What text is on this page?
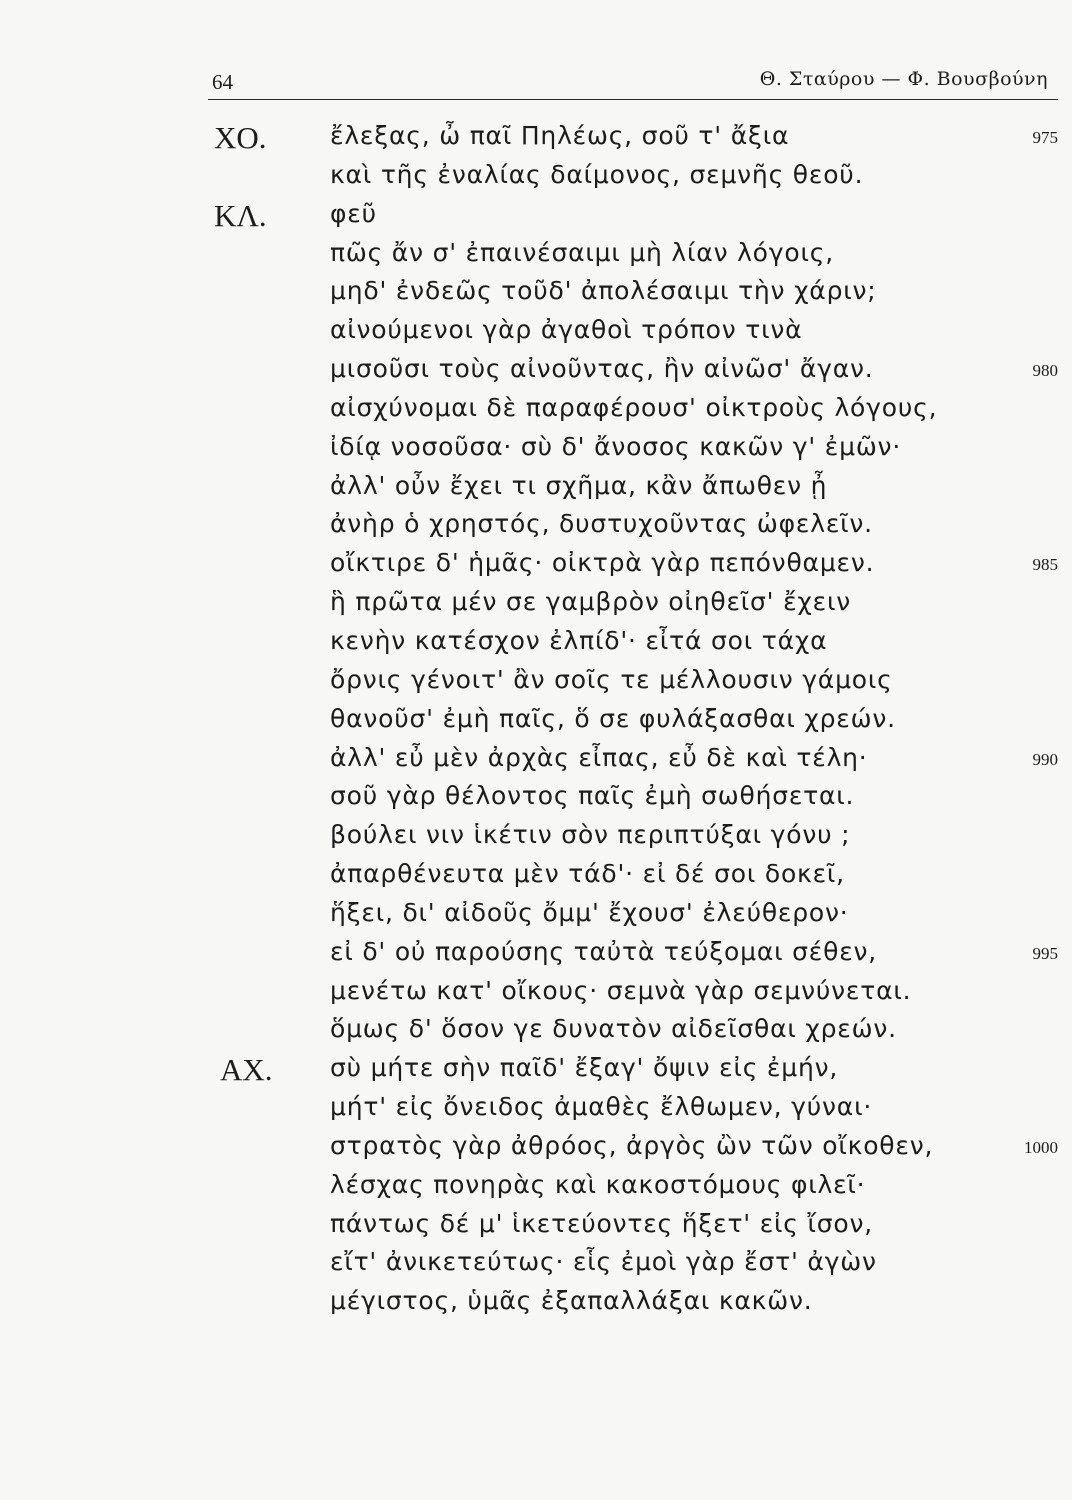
64	Θ. Σταύρου — Φ. Βουσβούνη
ΧΟ.	ἔλεξας, ὦ παῖ Πηλέως, σοῦ τ' ἄξια	975
καὶ τῆς ἐναλίας δαίμονος, σεμνῆς θεοῦ.
ΚΛ.	φεῦ
πῶς ἄν σ' ἐπαινέσαιμι μὴ λίαν λόγοις,
μηδ' ἐνδεῶς τοῦδ' ἀπολέσαιμι τὴν χάριν;
αἰνούμενοι γὰρ ἀγαθοὶ τρόπον τινὰ
μισοῦσι τοὺς αἰνοῦντας, ἢν αἰνῶσ' ἄγαν.	980
αἰσχύνομαι δὲ παραφέρουσ' οἰκτροὺς λόγους,
ἰδίᾳ νοσοῦσα· σὺ δ' ἄνοσος κακῶν γ' ἐμῶν·
ἀλλ' οὖν ἔχει τι σχῆμα, κἂν ἄπωθεν ᾖ
ἀνὴρ ὁ χρηστός, δυστυχοῦντας ὠφελεῖν.
οἴκτιρε δ' ἡμᾶς· οἰκτρὰ γὰρ πεπόνθαμεν.	985
ἣ πρῶτα μέν σε γαμβρὸν οἰηθεῖσ' ἔχειν
κενὴν κατέσχον ἐλπίδ'· εἶτά σοι τάχα
ὄρνις γένοιτ' ἂν σοῖς τε μέλλουσιν γάμοις
θανοῦσ' ἐμὴ παῖς, ὅ σε φυλάξασθαι χρεών.
ἀλλ' εὖ μὲν ἀρχὰς εἶπας, εὖ δὲ καὶ τέλη·	990
σοῦ γὰρ θέλοντος παῖς ἐμὴ σωθήσεται.
βούλει νιν ἱκέτιν σὸν περιπτύξαι γόνυ ;
ἀπαρθένευτα μὲν τάδ'· εἰ δέ σοι δοκεῖ,
ἥξει, δι' αἰδοῦς ὄμμ' ἔχουσ' ἐλεύθερον·
εἰ δ' οὐ παρούσης ταὐτὰ τεύξομαι σέθεν,	995
μενέτω κατ' οἴκους· σεμνὰ γὰρ σεμνύνεται.
ὅμως δ' ὅσον γε δυνατὸν αἰδεῖσθαι χρεών.
ΑΧ. σὺ μήτε σὴν παῖδ' ἔξαγ' ὄψιν εἰς ἐμήν,
μήτ' εἰς ὄνειδος ἀμαθὲς ἔλθωμεν, γύναι·
στρατὸς γὰρ ἀθρόος, ἀργὸς ὢν τῶν οἴκοθεν,	1000
λέσχας πονηρὰς καὶ κακοστόμους φιλεῖ·
πάντως δέ μ' ἱκετεύοντες ἥξετ' εἰς ἴσον,
εἴτ' ἀνικετεύτως· εἷς ἐμοὶ γὰρ ἔστ' ἀγὼν
μέγιστος, ὑμᾶς ἐξαπαλλάξαι κακῶν.
